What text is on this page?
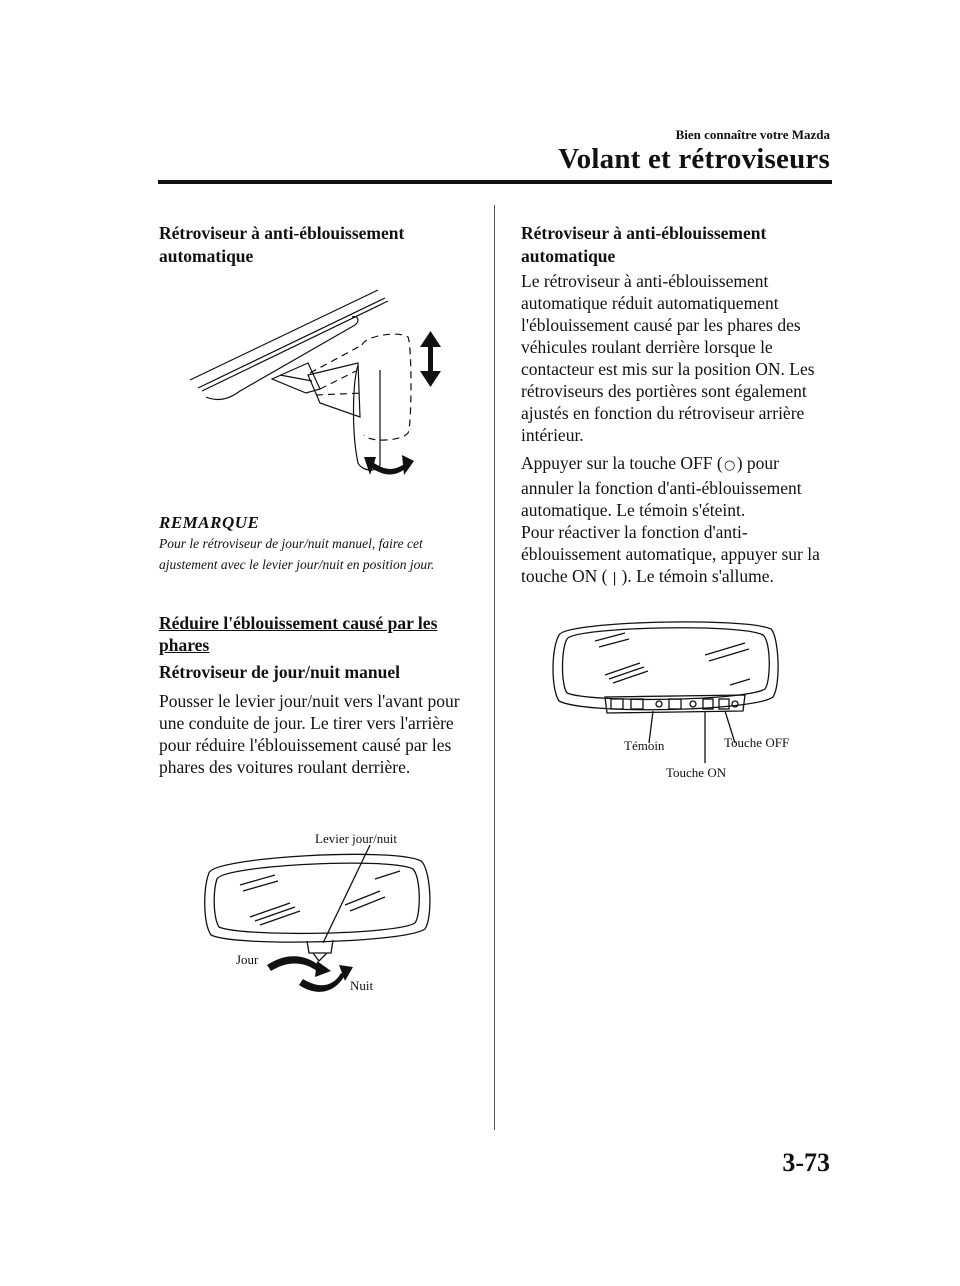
Bien connaître votre Mazda
Volant et rétroviseurs
Rétroviseur à anti-éblouissement automatique
REMARQUE
Pour le rétroviseur de jour/nuit manuel, faire cet ajustement avec le levier jour/nuit en position jour.
Réduire l'éblouissement causé par les phares
Rétroviseur de jour/nuit manuel
Pousser le levier jour/nuit vers l'avant pour une conduite de jour. Le tirer vers l'arrière pour réduire l'éblouissement causé par les phares des voitures roulant derrière.
Levier jour/nuit
Jour
Nuit
Rétroviseur à anti-éblouissement automatique
Le rétroviseur à anti-éblouissement automatique réduit automatiquement l'éblouissement causé par les phares des véhicules roulant derrière lorsque le contacteur est mis sur la position ON. Les rétroviseurs des portières sont également ajustés en fonction du rétroviseur arrière intérieur.
Appuyer sur la touche OFF (○) pour annuler la fonction d'anti-éblouissement automatique. Le témoin s'éteint.
Pour réactiver la fonction d'anti-éblouissement automatique, appuyer sur la touche ON ( | ). Le témoin s'allume.
Témoin	Touche OFF
Touche ON
3-73
